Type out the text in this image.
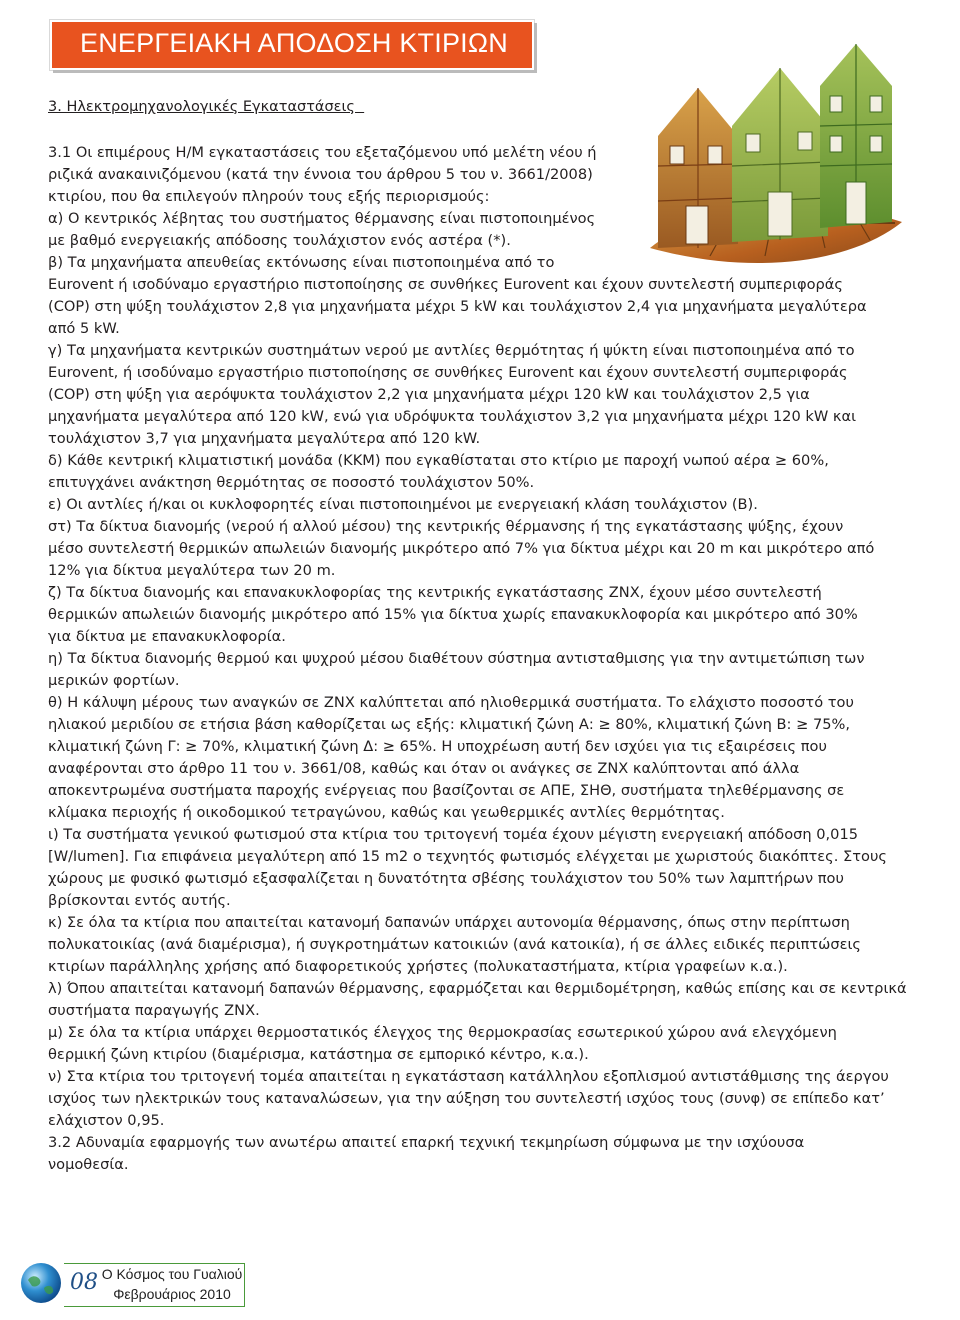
ΕΝΕΡΓΕΙΑΚΗ ΑΠΟΔΟΣΗ ΚΤΙΡΙΩΝ
3. Ηλεκτρομηχανολογικές Εγκαταστάσεις
3.1 Οι επιμέρους Η/Μ εγκαταστάσεις του εξεταζόμενου υπό μελέτη νέου ή
ριζικά ανακαινιζόμενου (κατά την έννοια του άρθρου 5 του ν. 3661/2008)
κτιρίου, που θα επιλεγούν πληρούν τους εξής περιορισμούς:
α) Ο κεντρικός λέβητας του συστήματος θέρμανσης είναι πιστοποιημένος
με βαθμό ενεργειακής απόδοσης τουλάχιστον ενός αστέρα (*).
β) Τα μηχανήματα απευθείας εκτόνωσης είναι πιστοποιημένα από το
Eurovent ή ισοδύναμο εργαστήριο πιστοποίησης σε συνθήκες Eurovent και έχουν συντελεστή συμπεριφοράς
(COP) στη ψύξη τουλάχιστον 2,8 για μηχανήματα μέχρι 5 kW και τουλάχιστον 2,4 για μηχανήματα μεγαλύτερα
από 5 kW.
γ) Τα μηχανήματα κεντρικών συστημάτων νερού με αντλίες θερμότητας ή ψύκτη είναι πιστοποιημένα από το
Eurovent, ή ισοδύναμο εργαστήριο πιστοποίησης σε συνθήκες Eurovent και έχουν συντελεστή συμπεριφοράς
(COP) στη ψύξη για αερόψυκτα τουλάχιστον 2,2 για μηχανήματα μέχρι 120 kW και τουλάχιστον 2,5 για
μηχανήματα μεγαλύτερα από 120 kW, ενώ για υδρόψυκτα τουλάχιστον 3,2 για μηχανήματα μέχρι 120 kW και
τουλάχιστον 3,7 για μηχανήματα μεγαλύτερα από 120 kW.
δ) Κάθε κεντρική κλιματιστική μονάδα (ΚΚΜ) που εγκαθίσταται στο κτίριο με παροχή νωπού αέρα ≥ 60%,
επιτυγχάνει ανάκτηση θερμότητας σε ποσοστό τουλάχιστον 50%.
ε) Οι αντλίες ή/και οι κυκλοφορητές είναι πιστοποιημένοι με ενεργειακή κλάση τουλάχιστον (Β).
στ) Τα δίκτυα διανομής (νερού ή αλλού μέσου) της κεντρικής θέρμανσης ή της εγκατάστασης ψύξης, έχουν
μέσο συντελεστή θερμικών απωλειών διανομής μικρότερο από 7% για δίκτυα μέχρι και 20 m και μικρότερο από
12% για δίκτυα μεγαλύτερα των 20 m.
ζ) Τα δίκτυα διανομής και επανακυκλοφορίας της κεντρικής εγκατάστασης ΖΝΧ, έχουν μέσο συντελεστή
θερμικών απωλειών διανομής μικρότερο από 15% για δίκτυα χωρίς επανακυκλοφορία και μικρότερο από 30%
για δίκτυα με επανακυκλοφορία.
η) Τα δίκτυα διανομής θερμού και ψυχρού μέσου διαθέτουν σύστημα αντισταθμισης για την αντιμετώπιση των
μερικών φορτίων.
θ) Η κάλυψη μέρους των αναγκών σε ΖΝΧ καλύπτεται από ηλιοθερμικά συστήματα. Το ελάχιστο ποσοστό του
ηλιακού μεριδίου σε ετήσια βάση καθορίζεται ως εξής: κλιματική ζώνη Α: ≥ 80%, κλιματική ζώνη Β: ≥ 75%,
κλιματική ζώνη Γ: ≥ 70%, κλιματική ζώνη Δ: ≥ 65%. Η υποχρέωση αυτή δεν ισχύει για τις εξαιρέσεις που
αναφέρονται στο άρθρο 11 του ν. 3661/08, καθώς και όταν οι ανάγκες σε ΖΝΧ καλύπτονται από άλλα
αποκεντρωμένα συστήματα παροχής ενέργειας που βασίζονται σε ΑΠΕ, ΣΗΘ, συστήματα τηλεθέρμανσης σε
κλίμακα περιοχής ή οικοδομικού τετραγώνου, καθώς και γεωθερμικές αντλίες θερμότητας.
ι) Τα συστήματα γενικού φωτισμού στα κτίρια του τριτογενή τομέα έχουν μέγιστη ενεργειακή απόδοση 0,015
[W/lumen]. Για επιφάνεια μεγαλύτερη από 15 m2 ο τεχνητός φωτισμός ελέγχεται με χωριστούς διακόπτες. Στους
χώρους με φυσικό φωτισμό εξασφαλίζεται η δυνατότητα σβέσης τουλάχιστον του 50% των λαμπτήρων που
βρίσκονται εντός αυτής.
κ) Σε όλα τα κτίρια που απαιτείται κατανομή δαπανών υπάρχει αυτονομία θέρμανσης, όπως στην περίπτωση
πολυκατοικίας (ανά διαμέρισμα), ή συγκροτημάτων κατοικιών (ανά κατοικία), ή σε άλλες ειδικές περιπτώσεις
κτιρίων παράλληλης χρήσης από διαφορετικούς χρήστες (πολυκαταστήματα, κτίρια γραφείων κ.α.).
λ) Όπου απαιτείται κατανομή δαπανών θέρμανσης, εφαρμόζεται και θερμιδομέτρηση, καθώς επίσης και σε κεντρικά
συστήματα παραγωγής ΖΝΧ.
μ) Σε όλα τα κτίρια υπάρχει θερμοστατικός έλεγχος της θερμοκρασίας εσωτερικού χώρου ανά ελεγχόμενη
θερμική ζώνη κτιρίου (διαμέρισμα, κατάστημα σε εμπορικό κέντρο, κ.α.).
ν) Στα κτίρια του τριτογενή τομέα απαιτείται η εγκατάσταση κατάλληλου εξοπλισμού αντιστάθμισης της άεργου
ισχύος των ηλεκτρικών τους καταναλώσεων, για την αύξηση του συντελεστή ισχύος τους (συνφ) σε επίπεδο κατ’
ελάχιστον 0,95.
3.2 Αδυναμία εφαρμογής των ανωτέρω απαιτεί επαρκή τεχνική τεκμηρίωση σύμφωνα με την ισχύουσα
νομοθεσία.
08 Ο Κόσμος του Γυαλιού
Φεβρουάριος 2010
